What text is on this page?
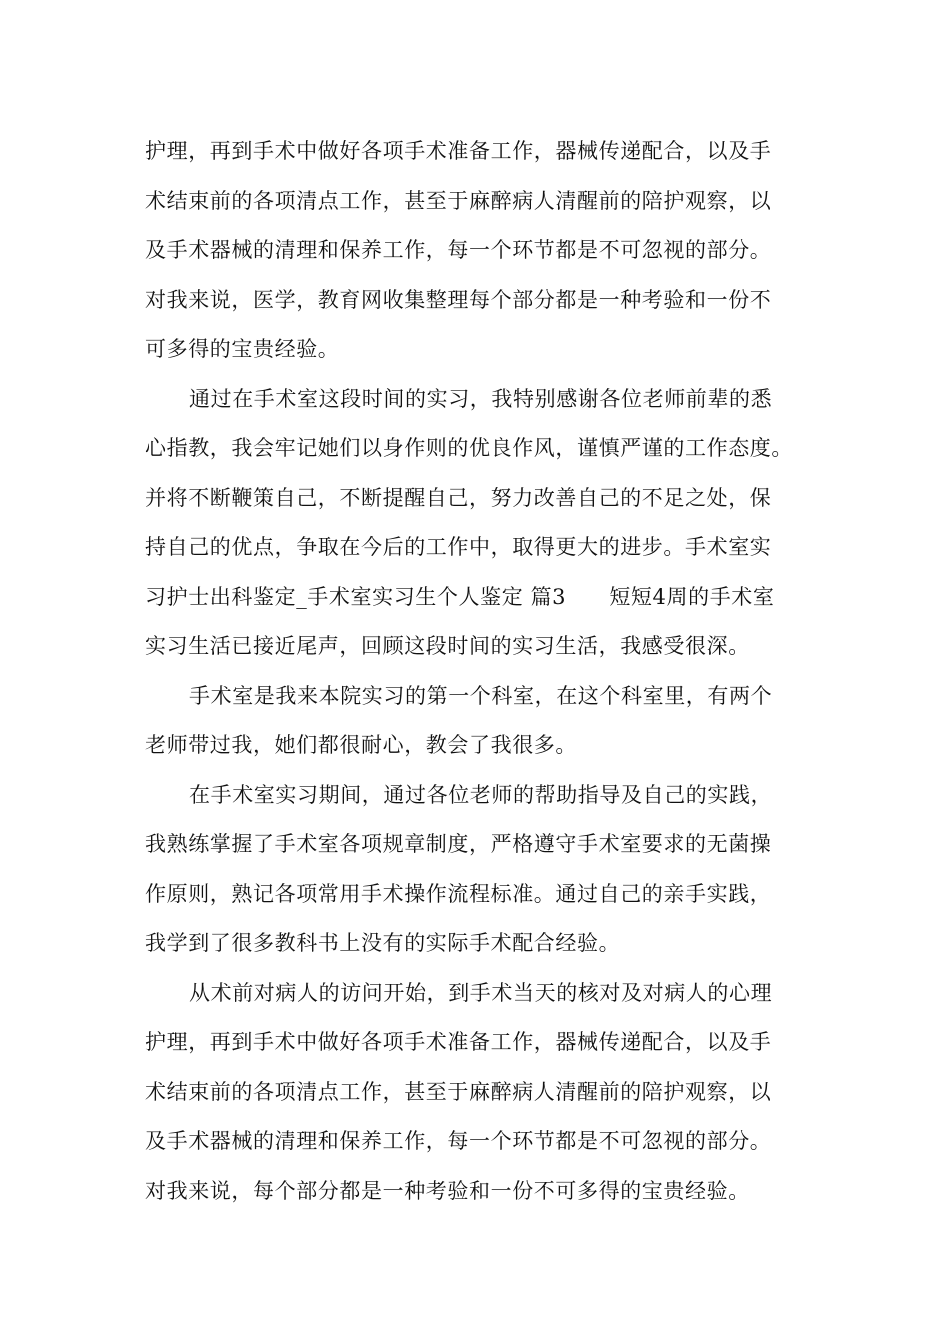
护理，再到手术中做好各项手术准备工作，器械传递配合，以及手
术结束前的各项清点工作，甚至于麻醉病人清醒前的陪护观察，以
及手术器械的清理和保养工作，每一个环节都是不可忽视的部分。
对我来说，医学，教育网收集整理每个部分都是一种考验和一份不
可多得的宝贵经验。
通过在手术室这段时间的实习，我特别感谢各位老师前辈的悉
心指教，我会牢记她们以身作则的优良作风，谨慎严谨的工作态度。
并将不断鞭策自己，不断提醒自己，努力改善自己的不足之处，保
持自己的优点，争取在今后的工作中，取得更大的进步。手术室实
习护士出科鉴定_手术室实习生个人鉴定 篇3　　短短4周的手术室
实习生活已接近尾声，回顾这段时间的实习生活，我感受很深。
手术室是我来本院实习的第一个科室，在这个科室里，有两个
老师带过我，她们都很耐心，教会了我很多。
在手术室实习期间，通过各位老师的帮助指导及自己的实践，
我熟练掌握了手术室各项规章制度，严格遵守手术室要求的无菌操
作原则，熟记各项常用手术操作流程标准。通过自己的亲手实践，
我学到了很多教科书上没有的实际手术配合经验。
从术前对病人的访问开始，到手术当天的核对及对病人的心理
护理，再到手术中做好各项手术准备工作，器械传递配合，以及手
术结束前的各项清点工作，甚至于麻醉病人清醒前的陪护观察，以
及手术器械的清理和保养工作，每一个环节都是不可忽视的部分。
对我来说，每个部分都是一种考验和一份不可多得的宝贵经验。
